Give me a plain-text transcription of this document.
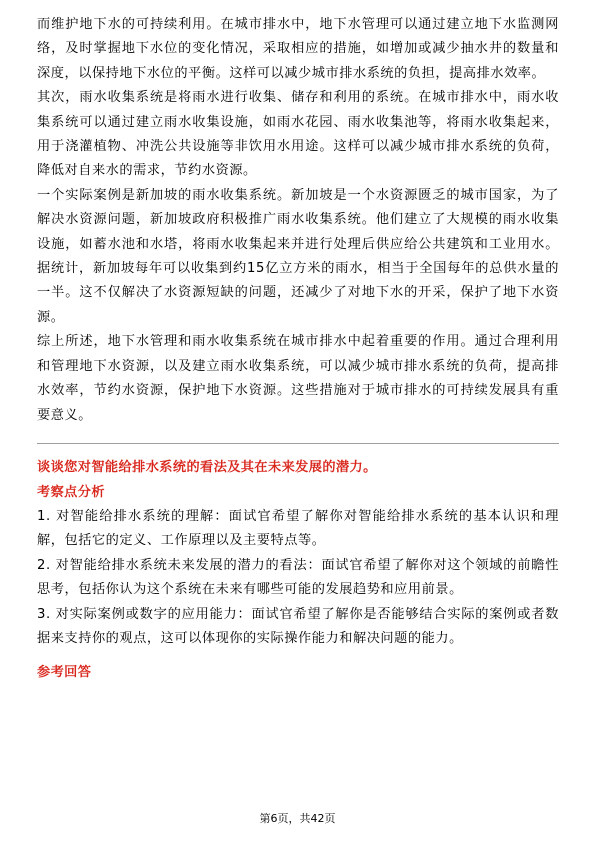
而维护地下水的可持续利用。在城市排水中，地下水管理可以通过建立地下水监测网络，及时掌握地下水位的变化情况，采取相应的措施，如增加或减少抽水井的数量和深度，以保持地下水位的平衡。这样可以减少城市排水系统的负担，提高排水效率。

其次，雨水收集系统是将雨水进行收集、储存和利用的系统。在城市排水中，雨水收集系统可以通过建立雨水收集设施，如雨水花园、雨水收集池等，将雨水收集起来，用于浇灌植物、冲洗公共设施等非饮用水用途。这样可以减少城市排水系统的负荷，降低对自来水的需求，节约水资源。

一个实际案例是新加坡的雨水收集系统。新加坡是一个水资源匮乏的城市国家，为了解决水资源问题，新加坡政府积极推广雨水收集系统。他们建立了大规模的雨水收集设施，如蓄水池和水塔，将雨水收集起来并进行处理后供应给公共建筑和工业用水。据统计，新加坡每年可以收集到约15亿立方米的雨水，相当于全国每年的总供水量的一半。这不仅解决了水资源短缺的问题，还减少了对地下水的开采，保护了地下水资源。

综上所述，地下水管理和雨水收集系统在城市排水中起着重要的作用。通过合理利用和管理地下水资源，以及建立雨水收集系统，可以减少城市排水系统的负荷，提高排水效率，节约水资源，保护地下水资源。这些措施对于城市排水的可持续发展具有重要意义。

谈谈您对智能给排水系统的看法及其在未来发展的潜力。

考察点分析

1. 对智能给排水系统的理解：面试官希望了解你对智能给排水系统的基本认识和理解，包括它的定义、工作原理以及主要特点等。

2. 对智能给排水系统未来发展的潜力的看法：面试官希望了解你对这个领域的前瞻性思考，包括你认为这个系统在未来有哪些可能的发展趋势和应用前景。

3. 对实际案例或数字的应用能力：面试官希望了解你是否能够结合实际的案例或者数据来支持你的观点，这可以体现你的实际操作能力和解决问题的能力。

参考回答

第6页，共42页
